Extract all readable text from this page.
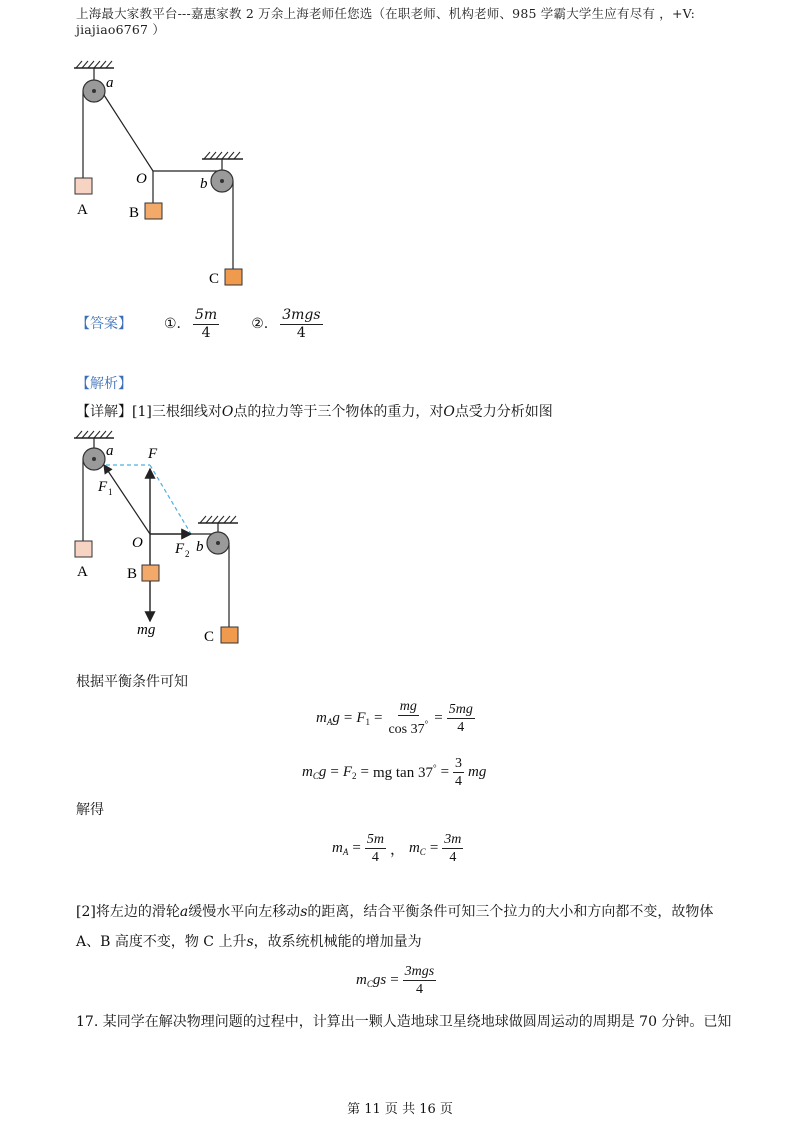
上海最大家教平台---嘉惠家教 2 万余上海老师任您选（在职老师、机构老师、985 学霸大学生应有尽有 ，+V:
jiajiao6767 ）
a
O	b
A	B
C
【答案】 ①. $\frac{5m}{4}$ ②. $\frac{\text{3mgs}}{4}$
【解析】
【详解】[1]三根细线对O点的拉力等于三个物体的重力，对O点受力分析如图
a F
F 1
O F 2 b
A	B
mg	C
根据平衡条件可知
$m_Ag = F_1 = \frac{mg}{\cos 37^\circ} = \frac{5mg}{4}$
$m_Cg = F_2$ = mg $\tan 37^\circ = \frac{3}{4}$ mg
解得
$m_A = \frac{5m}{4}$ ， $m_C = \frac{3m}{4}$
[2]将左边的滑轮a缓慢水平向左移动s的距离，结合平衡条件可知三个拉力的大小和方向都不变，故物体
A、B 高度不变，物 C 上升s，故系统机械能的增加量为
$m_Cgs = \frac{\text{3mgs}}{4}$
17. 某同学在解决物理问题的过程中，计算出一颗人造地球卫星绕地球做圆周运动的周期是 70 分钟。已知
第 11 页 共 16 页
